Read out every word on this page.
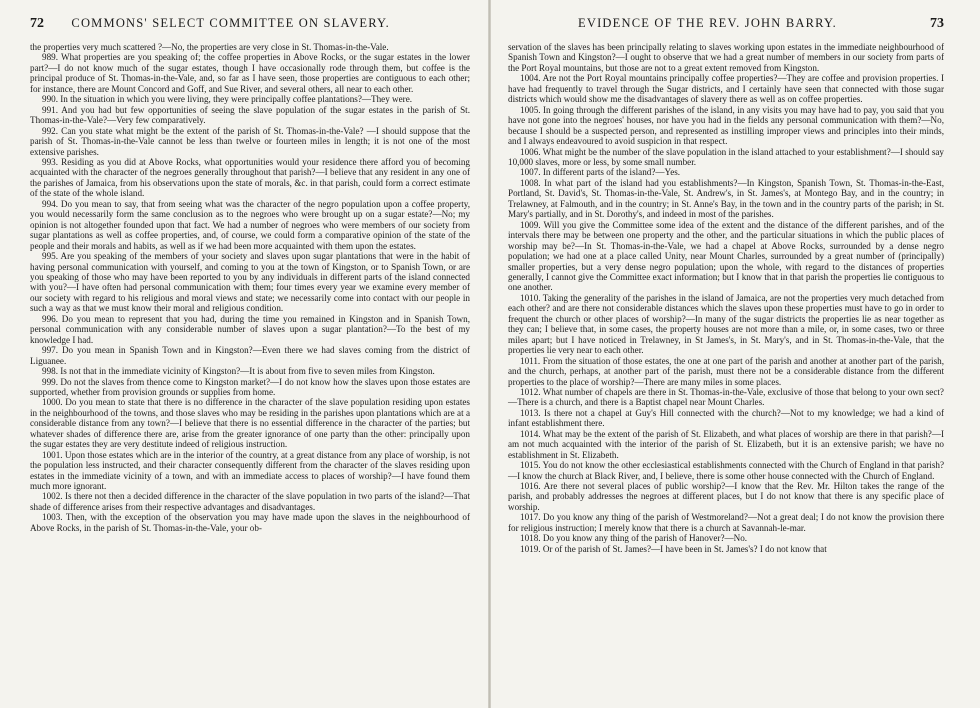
72 COMMONS' SELECT COMMITTEE ON SLAVERY.

the properties very much scattered ?—No, the properties are very close in St. Thomas-in-the-Vale.

989. What properties are you speaking of; the coffee properties in Above Rocks, or the sugar estates in the lower part?—I do not know much of the sugar estates, though I have occasionally rode through them, but coffee is the principal produce of St. Thomas-in-the-Vale, and, so far as I have seen, those properties are contiguous to each other; for instance, there are Mount Concord and Goff, and Sue River, and several others, all near to each other.

990. In the situation in which you were living, they were principally coffee plantations?—They were.

991. And you had but few opportunities of seeing the slave population of the sugar estates in the parish of St. Thomas-in-the-Vale?—Very few comparatively.

992. Can you state what might be the extent of the parish of St. Thomas-in-the-Vale? —I should suppose that the parish of St. Thomas-in-the-Vale cannot be less than twelve or fourteen miles in length; it is not one of the most extensive parishes.

993. Residing as you did at Above Rocks, what opportunities would your residence there afford you of becoming acquainted with the character of the negroes generally throughout that parish?—I believe that any resident in any one of the parishes of Jamaica, from his observations upon the state of morals, &c. in that parish, could form a correct estimate of the state of the whole island.

994. Do you mean to say, that from seeing what was the character of the negro population upon a coffee property, you would necessarily form the same conclusion as to the negroes who were brought up on a sugar estate?—No; my opinion is not altogether founded upon that fact. We had a number of negroes who were members of our society from sugar plantations as well as coffee properties, and, of course, we could form a comparative opinion of the state of the people and their morals and habits, as well as if we had been more acquainted with them upon the estates.

995. Are you speaking of the members of your society and slaves upon sugar plantations that were in the habit of having personal communication with yourself, and coming to you at the town of Kingston, or to Spanish Town, or are you speaking of those who may have been reported to you by any individuals in different parts of the island connected with you?—I have often had personal communication with them; four times every year we examine every member of our society with regard to his religious and moral views and state; we necessarily come into contact with our people in such a way as that we must know their moral and religious condition.

996. Do you mean to represent that you had, during the time you remained in Kingston and in Spanish Town, personal communication with any considerable number of slaves upon a sugar plantation?—To the best of my knowledge I had.

997. Do you mean in Spanish Town and in Kingston?—Even there we had slaves coming from the district of Liguanee.

998. Is not that in the immediate vicinity of Kingston?—It is about from five to seven miles from Kingston.

999. Do not the slaves from thence come to Kingston market?—I do not know how the slaves upon those estates are supported, whether from provision grounds or supplies from home.

1000. Do you mean to state that there is no difference in the character of the slave population residing upon estates in the neighbourhood of the towns, and those slaves who may be residing in the parishes upon plantations which are at a considerable distance from any town?—I believe that there is no essential difference in the character of the parties; but whatever shades of difference there are, arise from the greater ignorance of one party than the other: principally upon the sugar estates they are very destitute indeed of religious instruction.

1001. Upon those estates which are in the interior of the country, at a great distance from any place of worship, is not the population less instructed, and their character consequently different from the character of the slaves residing upon estates in the immediate vicinity of a town, and with an immediate access to places of worship?—I have found them much more ignorant.

1002. Is there not then a decided difference in the character of the slave population in two parts of the island?—That shade of difference arises from their respective advantages and disadvantages.

1003. Then, with the exception of the observation you may have made upon the slaves in the neighbourhood of Above Rocks, in the parish of St. Thomas-in-the-Vale, your ob-

EVIDENCE OF THE REV. JOHN BARRY.	73

servation of the slaves has been principally relating to slaves working upon estates in the immediate neighbourhood of Spanish Town and Kingston?—I ought to observe that we had a great number of members in our society from parts of the Port Royal mountains, but those are not to a great extent removed from Kingston.

1004. Are not the Port Royal mountains principally coffee properties?—They are coffee and provision properties. I have had frequently to travel through the Sugar districts, and I certainly have seen that connected with those sugar districts which would show me the disadvantages of slavery there as well as on coffee properties.

1005. In going through the different parishes of the island, in any visits you may have had to pay, you said that you have not gone into the negroes' houses, nor have you had in the fields any personal communication with them?—No, because I should be a suspected person, and represented as instilling improper views and principles into their minds, and I always endeavoured to avoid suspicion in that respect.

1006. What might be the number of the slave population in the island attached to your establishment?—I should say 10,000 slaves, more or less, by some small number.

1007. In different parts of the island?—Yes.

1008. In what part of the island had you establishments?—In Kingston, Spanish Town, St. Thomas-in-the-East, Portland, St. David's, St. Thomas-in-the-Vale, St. Andrew's, in St. James's, at Montego Bay, and in the country; in Trelawney, at Falmouth, and in the country; in St. Anne's Bay, in the town and in the country parts of the parish; in St. Mary's partially, and in St. Dorothy's, and indeed in most of the parishes.

1009. Will you give the Committee some idea of the extent and the distance of the different parishes, and of the intervals there may be between one property and the other, and the particular situations in which the public places of worship may be?—In St. Thomas-in-the-Vale, we had a chapel at Above Rocks, surrounded by a dense negro population; we had one at a place called Unity, near Mount Charles, surrounded by a great number of (principally) smaller properties, but a very dense negro population; upon the whole, with regard to the distances of properties generally, I cannot give the Committee exact information; but I know that in that parish the properties lie contiguous to one another.

1010. Taking the generality of the parishes in the island of Jamaica, are not the properties very much detached from each other? and are there not considerable distances which the slaves upon these properties must have to go in order to frequent the church or other places of worship?—In many of the sugar districts the properties lie as near together as they can; I believe that, in some cases, the property houses are not more than a mile, or, in some cases, two or three miles apart; but I have noticed in Trelawney, in St James's, in St. Mary's, and in St. Thomas-in-the-Vale, that the properties lie very near to each other.

1011. From the situation of those estates, the one at one part of the parish and another at another part of the parish, and the church, perhaps, at another part of the parish, must there not be a considerable distance from the different properties to the place of worship?—There are many miles in some places.

1012. What number of chapels are there in St. Thomas-in-the-Vale, exclusive of those that belong to your own sect?—There is a church, and there is a Baptist chapel near Mount Charles.

1013. Is there not a chapel at Guy's Hill connected with the church?—Not to my knowledge; we had a kind of infant establishment there.

1014. What may be the extent of the parish of St. Elizabeth, and what places of worship are there in that parish?—I am not much acquainted with the interior of the parish of St. Elizabeth, but it is an extensive parish; we have no establishment in St. Elizabeth.

1015. You do not know the other ecclesiastical establishments connected with the Church of England in that parish?—I know the church at Black River, and, I believe, there is some other house connected with the Church of England.

1016. Are there not several places of public worship?—I know that the Rev. Mr. Hilton takes the range of the parish, and probably addresses the negroes at different places, but I do not know that there is any specific place of worship.

1017. Do you know any thing of the parish of Westmoreland?—Not a great deal; I do not know the provision there for religious instruction; I merely know that there is a church at Savannah-le-mar.

1018. Do you know any thing of the parish of Hanover?—No.

1019. Or of the parish of St. James?—I have been in St. James's? I do not know that
